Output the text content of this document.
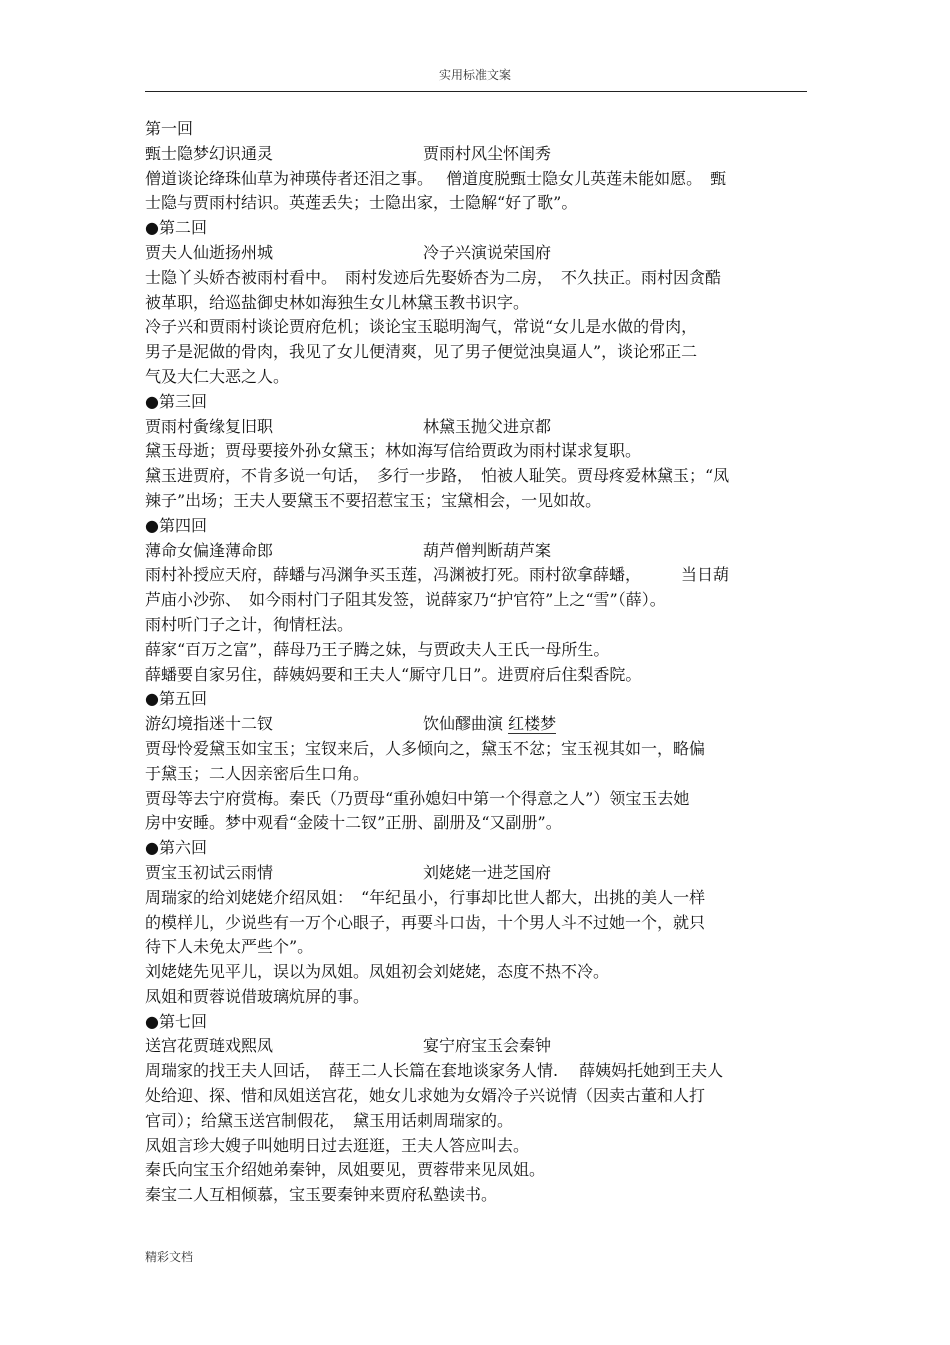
实用标准文案
第一回
甄士隐梦幻识通灵	贾雨村风尘怀闺秀
僧道谈论绛珠仙草为神瑛侍者还泪之事。　 僧道度脱甄士隐女儿英莲未能如愿。　甄
士隐与贾雨村结识。英莲丢失；士隐出家，士隐解“好了歌”。
●第二回
贾夫人仙逝扬州城	冷子兴演说荣国府
士隐丫头娇杏被雨村看中。　雨村发迹后先娶娇杏为二房，　不久扶正。雨村因贪酷
被革职，给巡盐御史林如海独生女儿林黛玉教书识字。
冷子兴和贾雨村谈论贾府危机；谈论宝玉聪明淘气，常说“女儿是水做的骨肉，
男子是泥做的骨肉，我见了女儿便清爽，见了男子便觉浊臭逼人”，谈论邪正二
气及大仁大恶之人。
●第三回
贾雨村夤缘复旧职	林黛玉抛父进京都
黛玉母逝；贾母要接外孙女黛玉；林如海写信给贾政为雨村谋求复职。
黛玉进贾府，不肯多说一句话，　多行一步路，　怕被人耻笑。贾母疼爱林黛玉；“凤
辣子”出场；王夫人要黛玉不要招惹宝玉；宝黛相会，一见如故。
●第四回
薄命女偏逢薄命郎	葫芦僧判断葫芦案
雨村补授应天府，薛蟠与冯渊争买玉莲，冯渊被打死。雨村欲拿薛蟠，　　　当日葫
芦庙小沙弥、　如今雨村门子阻其发签，说薛家乃“护官符”上之“雪”（薛）。
雨村听门子之计，徇情枉法。
薛家“百万之富”，薛母乃王子腾之妹，与贾政夫人王氏一母所生。
薛蟠要自家另住，薛姨妈要和王夫人“厮守几日”。进贾府后住梨香院。
●第五回
游幻境指迷十二钗	饮仙醪曲演 红楼梦
贾母怜爱黛玉如宝玉；宝钗来后，人多倾向之，黛玉不忿；宝玉视其如一，略偏
于黛玉；二人因亲密后生口角。
贾母等去宁府赏梅。秦氏（乃贾母“重孙媳妇中第一个得意之人”）领宝玉去她
房中安睡。梦中观看“金陵十二钗”正册、副册及“又副册”。
●第六回
贾宝玉初试云雨情	刘姥姥一进芝国府
周瑞家的给刘姥姥介绍凤姐：　“年纪虽小，行事却比世人都大，出挑的美人一样
的模样儿，少说些有一万个心眼子，再要斗口齿，十个男人斗不过她一个，就只
待下人未免太严些个”。
刘姥姥先见平儿，误以为凤姐。凤姐初会刘姥姥，态度不热不冷。
凤姐和贾蓉说借玻璃炕屏的事。
●第七回
送宫花贾琏戏熙凤	宴宁府宝玉会秦钟
周瑞家的找王夫人回话，　薛王二人长篇在套地谈家务人情.　 薛姨妈托她到王夫人
处给迎、探、惜和凤姐送宫花，她女儿求她为女婿冷子兴说情（因卖古董和人打
官司）；给黛玉送宫制假花，　黛玉用话刺周瑞家的。
凤姐言珍大嫂子叫她明日过去逛逛，王夫人答应叫去。
秦氏向宝玉介绍她弟秦钟，凤姐要见，贾蓉带来见凤姐。
秦宝二人互相倾慕，宝玉要秦钟来贾府私塾读书。
精彩文档
